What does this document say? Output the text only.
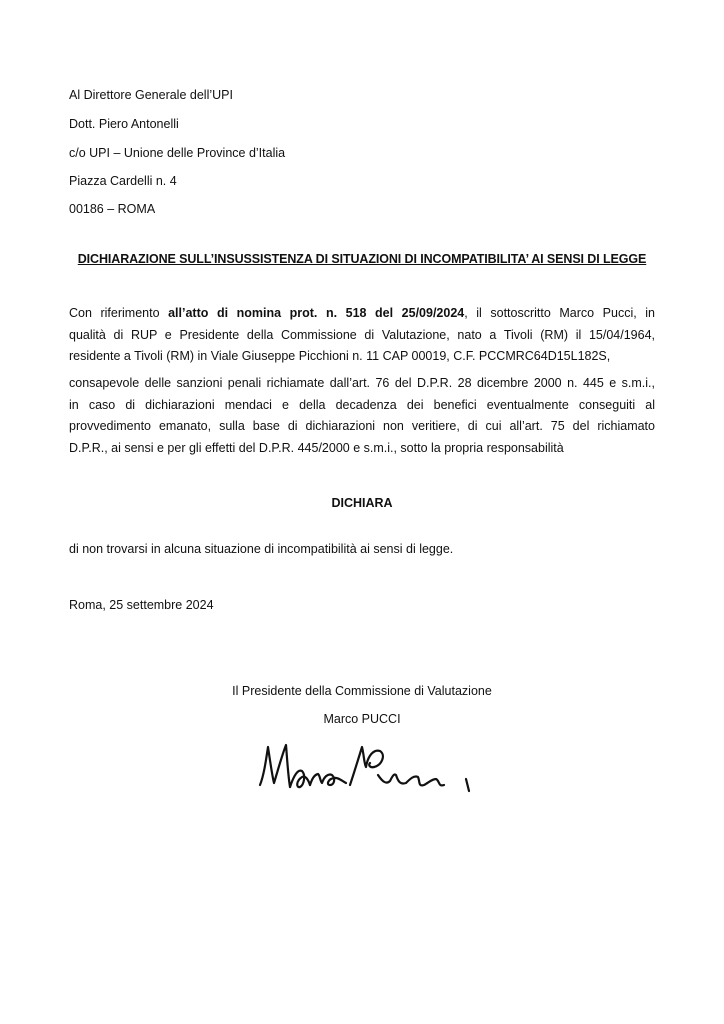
Al Direttore Generale dell’UPI
Dott. Piero Antonelli
c/o UPI – Unione delle Province d’Italia
Piazza Cardelli n. 4
00186 – ROMA
DICHIARAZIONE SULL’INSUSSISTENZA DI SITUAZIONI DI INCOMPATIBILITA’ AI SENSI DI LEGGE
Con riferimento all’atto di nomina prot. n. 518 del 25/09/2024, il sottoscritto Marco Pucci, in
qualità di RUP e Presidente della Commissione di Valutazione, nato a Tivoli (RM) il 15/04/1964,
residente a Tivoli (RM) in Viale Giuseppe Picchioni n. 11 CAP 00019, C.F. PCCMRC64D15L182S,
consapevole delle sanzioni penali richiamate dall’art. 76 del D.P.R. 28 dicembre 2000 n. 445 e s.m.i.,
in caso di dichiarazioni mendaci e della decadenza dei benefici eventualmente conseguiti al
provvedimento emanato, sulla base di dichiarazioni non veritiere, di cui all’art. 75 del richiamato
D.P.R., ai sensi e per gli effetti del D.P.R. 445/2000 e s.m.i., sotto la propria responsabilità
DICHIARA
di non trovarsi in alcuna situazione di incompatibilità ai sensi di legge.
Roma, 25 settembre 2024
Il Presidente della Commissione di Valutazione
Marco PUCCI
